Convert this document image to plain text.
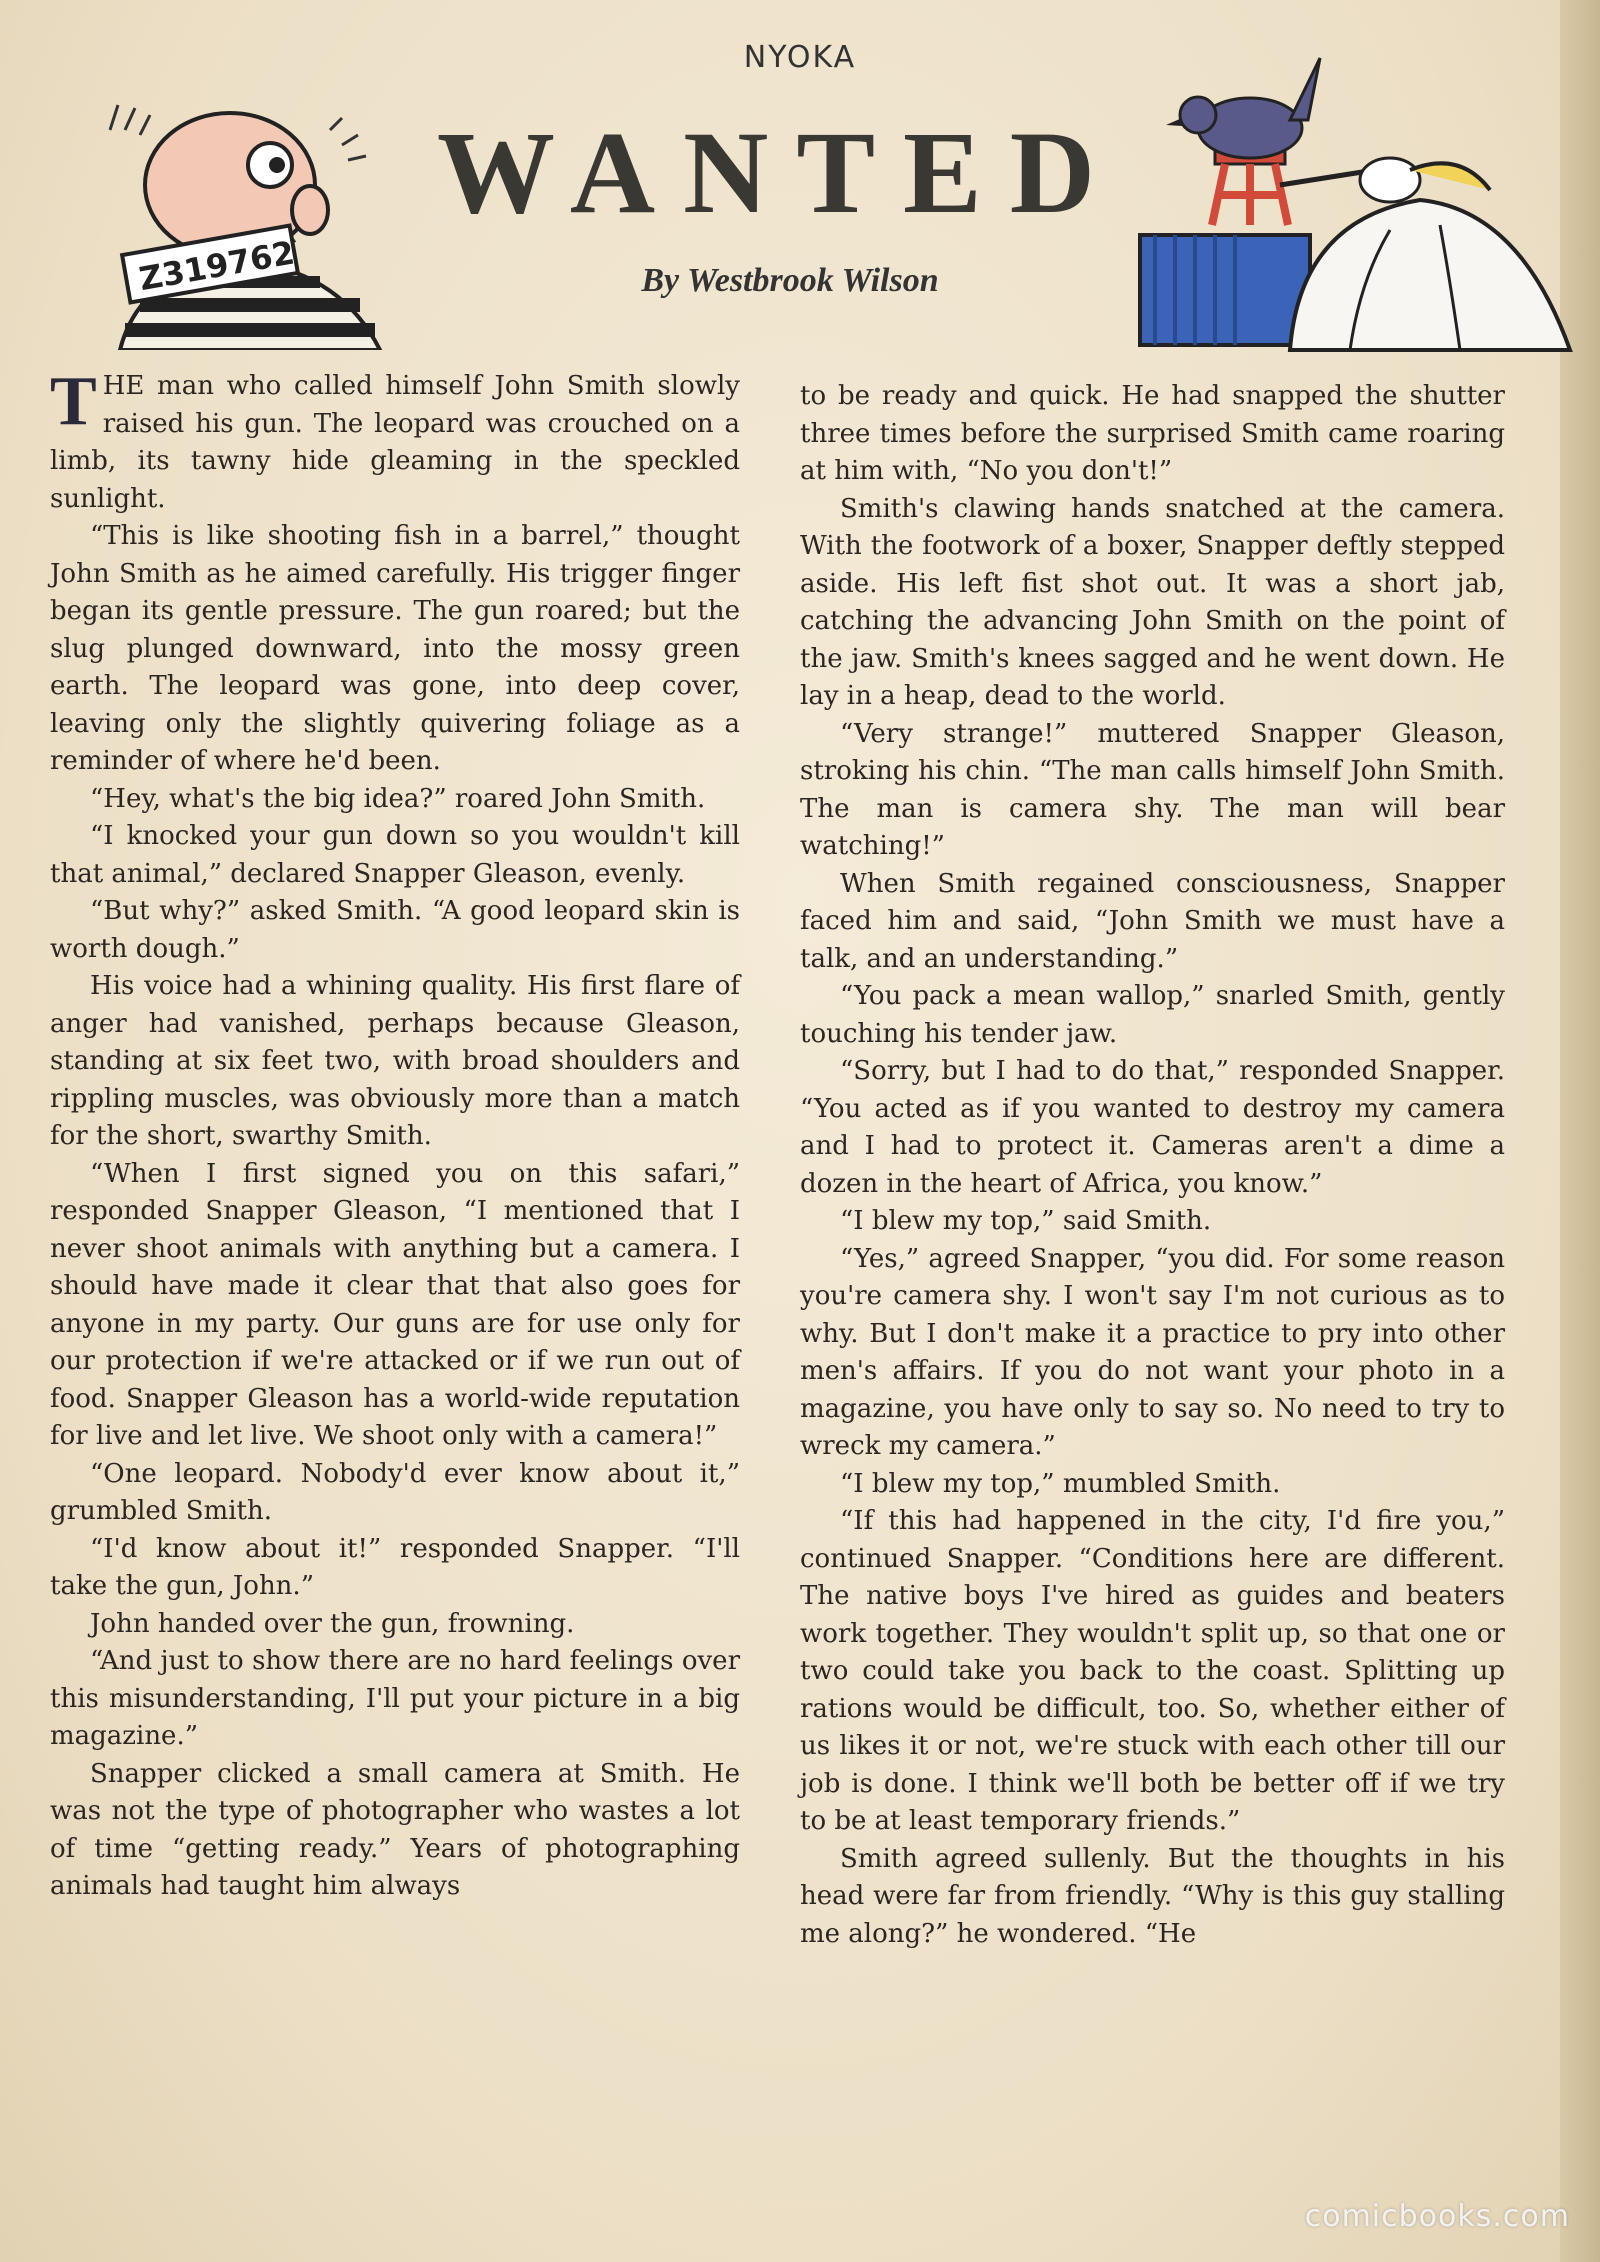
NYOKA
Z319762
WANTED
By Westbrook Wilson

THE man who called himself John Smith slowly raised his gun. The leopard was crouched on a limb, its tawny hide gleaming in the speckled sunlight.

“This is like shooting fish in a barrel,” thought John Smith as he aimed carefully. His trigger finger began its gentle pressure. The gun roared; but the slug plunged downward, into the mossy green earth. The leopard was gone, into deep cover, leaving only the slightly quivering foliage as a reminder of where he'd been.

“Hey, what's the big idea?” roared John Smith.

“I knocked your gun down so you wouldn't kill that animal,” declared Snapper Gleason, evenly.

“But why?” asked Smith. “A good leopard skin is worth dough.”

His voice had a whining quality. His first flare of anger had vanished, perhaps because Gleason, standing at six feet two, with broad shoulders and rippling muscles, was obviously more than a match for the short, swarthy Smith.

“When I first signed you on this safari,” responded Snapper Gleason, “I mentioned that I never shoot animals with anything but a camera. I should have made it clear that that also goes for anyone in my party. Our guns are for use only for our protection if we're attacked or if we run out of food. Snapper Gleason has a world-wide reputation for live and let live. We shoot only with a camera!”

“One leopard. Nobody'd ever know about it,” grumbled Smith.

“I'd know about it!” responded Snapper. “I'll take the gun, John.”

John handed over the gun, frowning.

“And just to show there are no hard feelings over this misunderstanding, I'll put your picture in a big magazine.”

Snapper clicked a small camera at Smith. He was not the type of photographer who wastes a lot of time “getting ready.” Years of photographing animals had taught him always

to be ready and quick. He had snapped the shutter three times before the surprised Smith came roaring at him with, “No you don't!”

Smith's clawing hands snatched at the camera. With the footwork of a boxer, Snapper deftly stepped aside. His left fist shot out. It was a short jab, catching the advancing John Smith on the point of the jaw. Smith's knees sagged and he went down. He lay in a heap, dead to the world.

“Very strange!” muttered Snapper Gleason, stroking his chin. “The man calls himself John Smith. The man is camera shy. The man will bear watching!”

When Smith regained consciousness, Snapper faced him and said, “John Smith we must have a talk, and an understanding.”

“You pack a mean wallop,” snarled Smith, gently touching his tender jaw.

“Sorry, but I had to do that,” responded Snapper. “You acted as if you wanted to destroy my camera and I had to protect it. Cameras aren't a dime a dozen in the heart of Africa, you know.”

“I blew my top,” said Smith.

“Yes,” agreed Snapper, “you did. For some reason you're camera shy. I won't say I'm not curious as to why. But I don't make it a practice to pry into other men's affairs. If you do not want your photo in a magazine, you have only to say so. No need to try to wreck my camera.”

“I blew my top,” mumbled Smith.

“If this had happened in the city, I'd fire you,” continued Snapper. “Conditions here are different. The native boys I've hired as guides and beaters work together. They wouldn't split up, so that one or two could take you back to the coast. Splitting up rations would be difficult, too. So, whether either of us likes it or not, we're stuck with each other till our job is done. I think we'll both be better off if we try to be at least temporary friends.”

Smith agreed sullenly. But the thoughts in his head were far from friendly. “Why is this guy stalling me along?” he wondered. “He

comicbooks.com
